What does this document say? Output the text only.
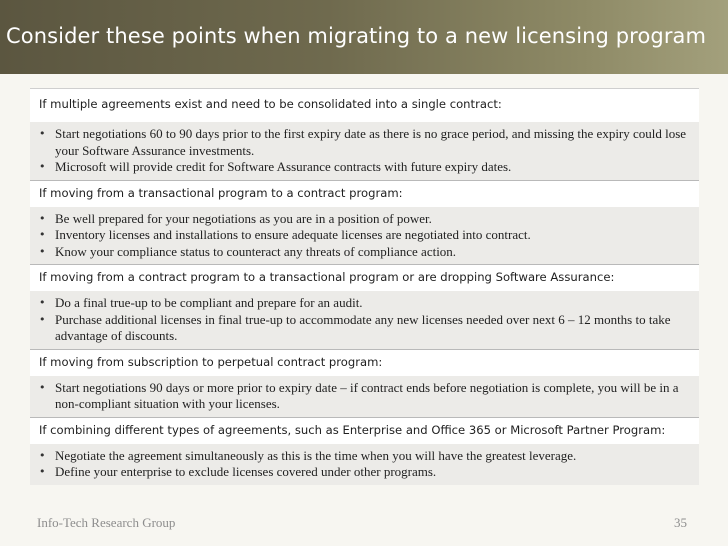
Consider these points when migrating to a new licensing program
If multiple agreements exist and need to be consolidated into a single contract:
• Start negotiations 60 to 90 days prior to the first expiry date as there is no grace period, and missing the expiry could lose your Software Assurance investments.
• Microsoft will provide credit for Software Assurance contracts with future expiry dates.
If moving from a transactional program to a contract program:
• Be well prepared for your negotiations as you are in a position of power.
• Inventory licenses and installations to ensure adequate licenses are negotiated into contract.
• Know your compliance status to counteract any threats of compliance action.
If moving from a contract program to a transactional program or are dropping Software Assurance:
• Do a final true-up to be compliant and prepare for an audit.
• Purchase additional licenses in final true-up to accommodate any new licenses needed over next 6 – 12 months to take advantage of discounts.
If moving from subscription to perpetual contract program:
• Start negotiations 90 days or more prior to expiry date – if contract ends before negotiation is complete, you will be in a non-compliant situation with your licenses.
If combining different types of agreements, such as Enterprise and Office 365 or Microsoft Partner Program:
• Negotiate the agreement simultaneously as this is the time when you will have the greatest leverage.
• Define your enterprise to exclude licenses covered under other programs.
Info-Tech Research Group	35
